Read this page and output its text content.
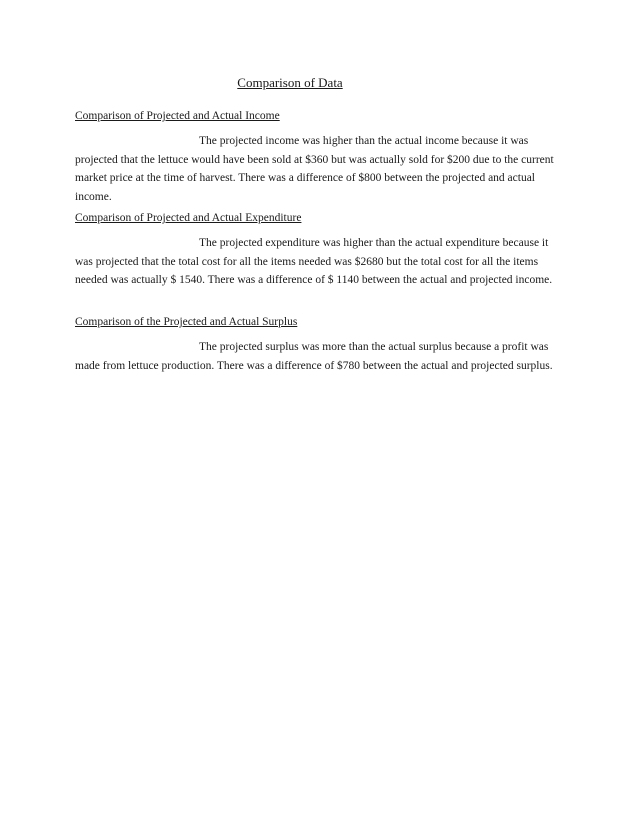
Comparison of Data
Comparison of Projected and Actual Income

The projected income was higher than the actual income because it was projected that the lettuce would have been sold at $360 but was actually sold for $200 due to the current market price at the time of harvest. There was a difference of $800 between the projected and actual income.

Comparison of Projected and Actual Expenditure

The projected expenditure was higher than the actual expenditure because it was projected that the total cost for all the items needed was $2680 but the total cost for all the items needed was actually $ 1540. There was a difference of $ 1140 between the actual and projected income.

Comparison of the Projected and Actual Surplus

The projected surplus was more than the actual surplus because a profit was made from lettuce production. There was a difference of $780 between the actual and projected surplus.
